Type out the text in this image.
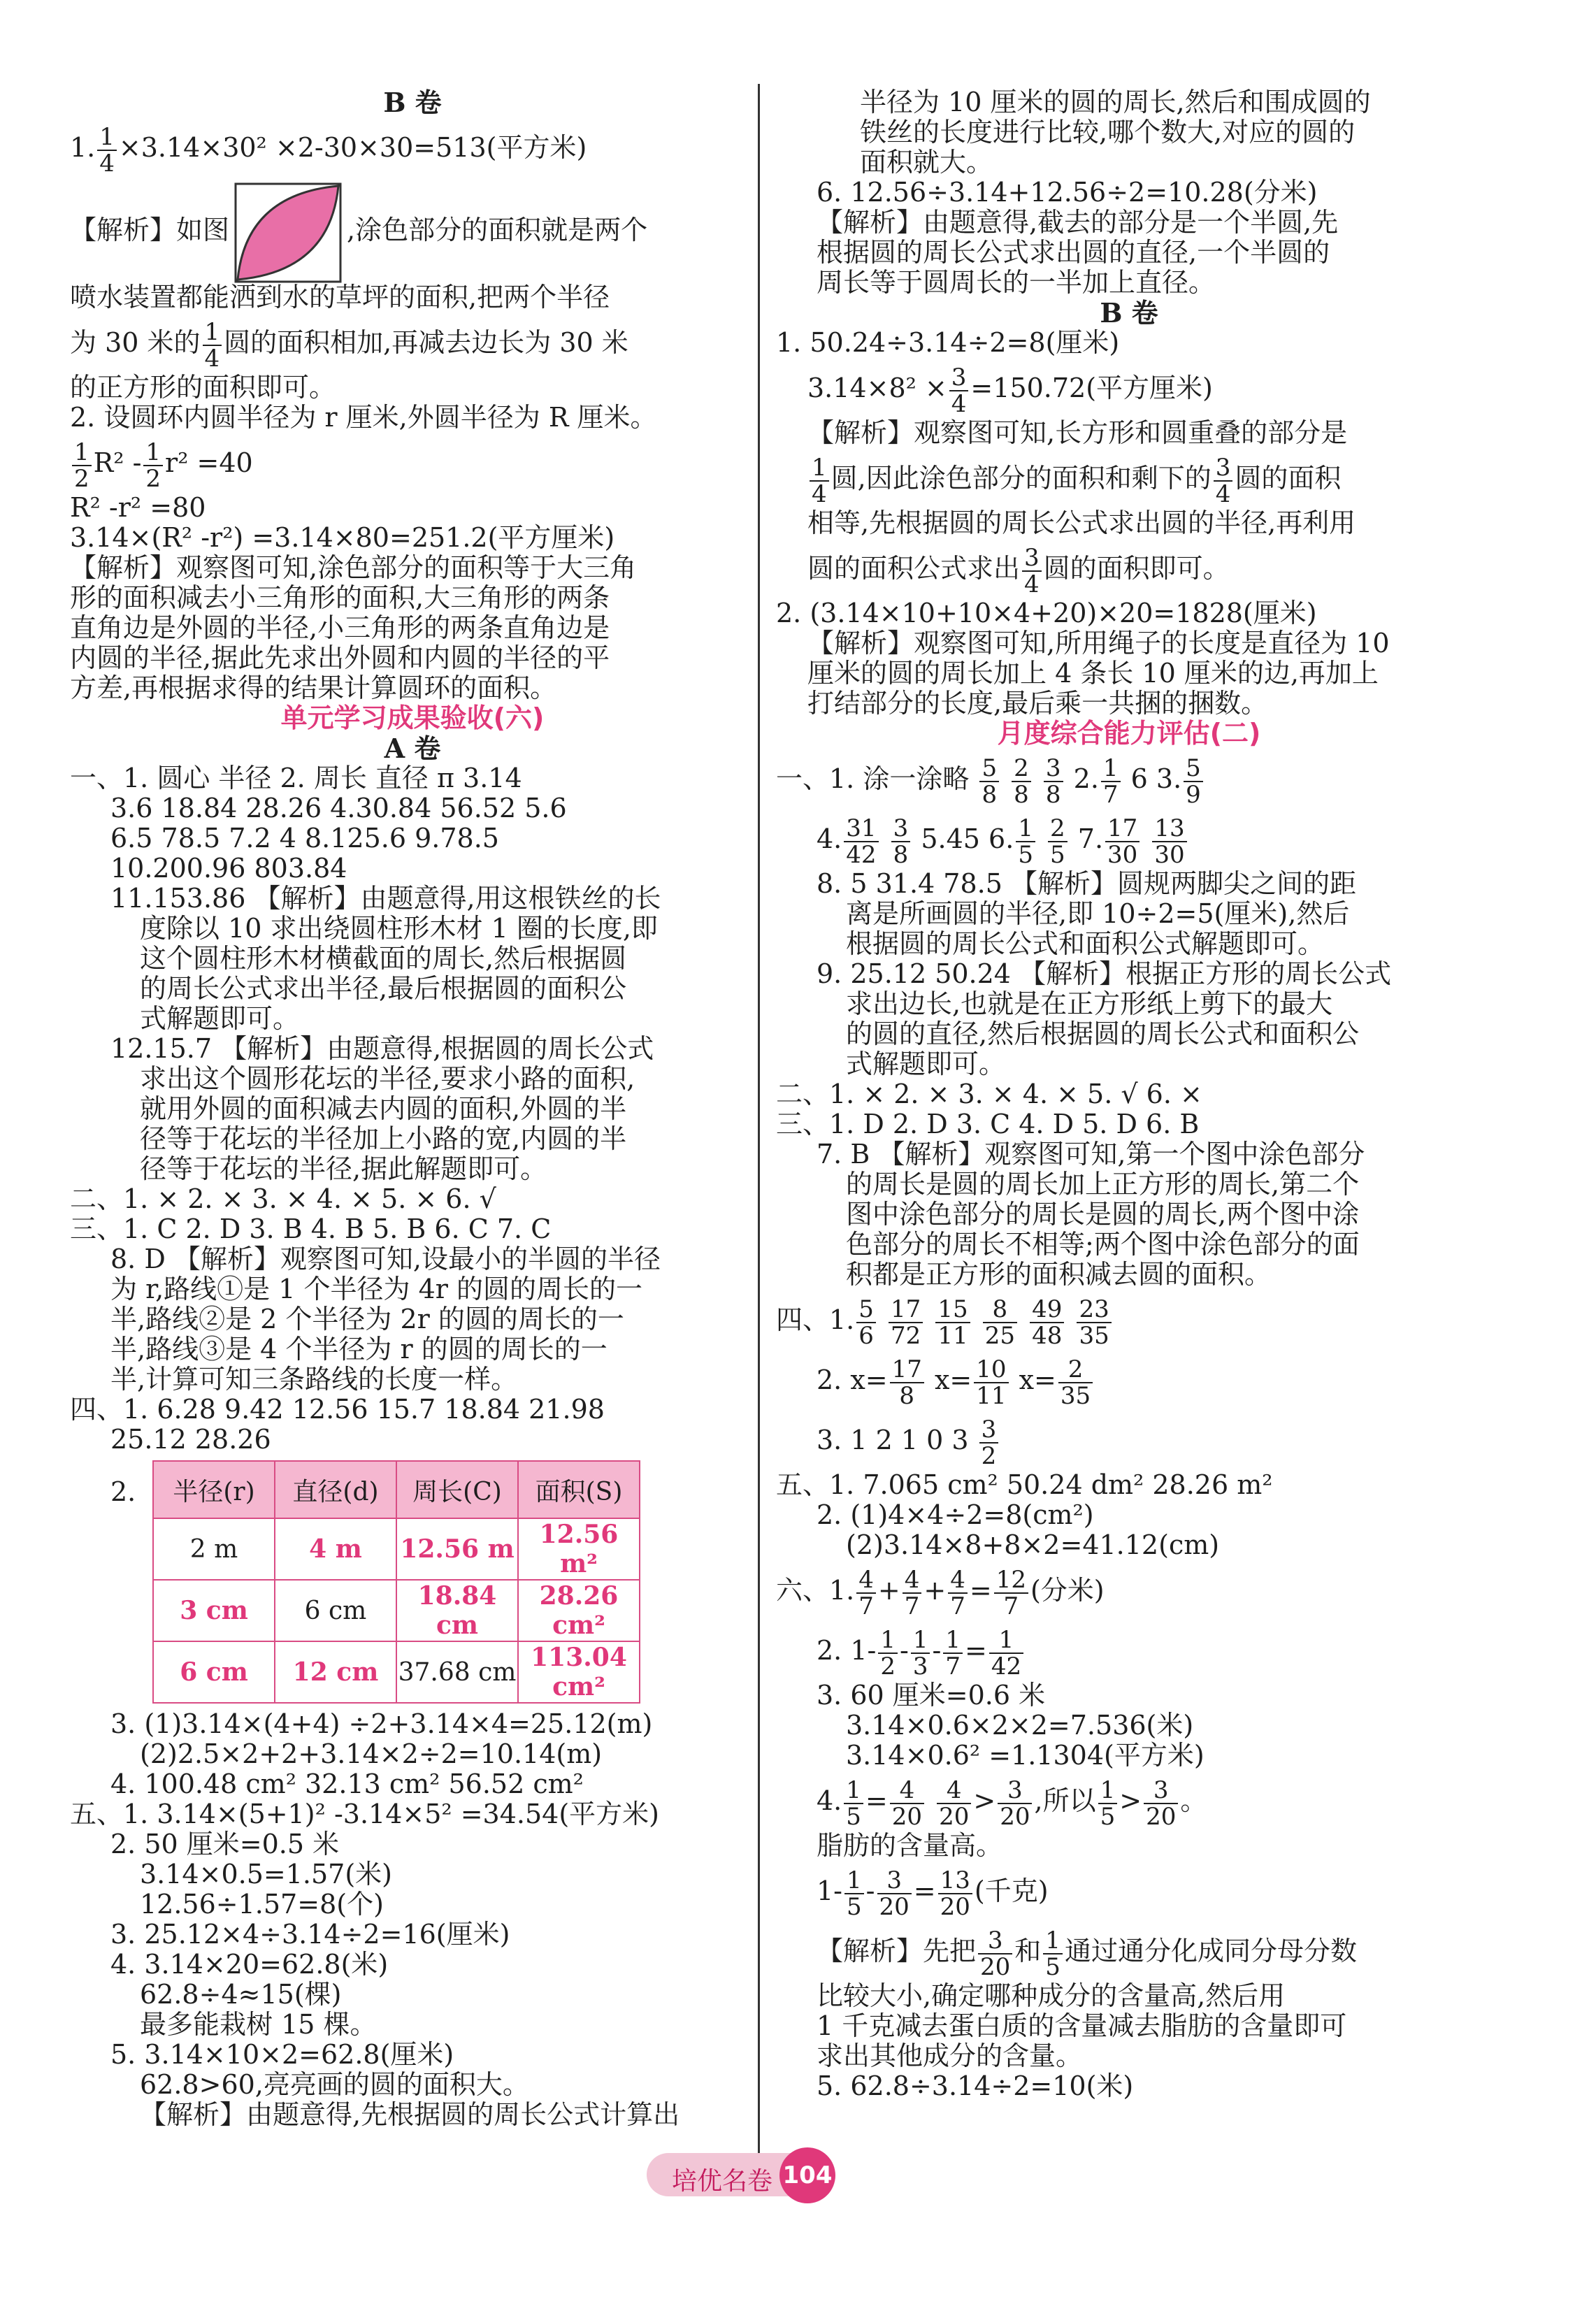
B 卷
1. $\frac{1}{4} \times 3.14\times 30^2 \times 2-30\times 30=513$(平方米)
【解析】如图	,涂色部分的面积就是两个
喷水装置都能洒到水的草坪的面积,把两个半径
为 30 米的 $\frac{1}{4}$ 圆的面积相加,再减去边长为 30 米
的正方形的面积即可。
2. 设圆环内圆半径为 r 厘米,外圆半径为 R 厘米。
$\frac{1}{2} R^2 - \frac{1}{2} r^2 =40$
R² -r² =80
3.14×(R² -r²) =3.14×80=251.2(平方厘米)
【解析】观察图可知,涂色部分的面积等于大三角
形的面积减去小三角形的面积,大三角形的两条
直角边是外圆的半径,小三角形的两条直角边是
内圆的半径,据此先求出外圆和内圆的半径的平
方差,再根据求得的结果计算圆环的面积。
单元学习成果验收(六)
A 卷
一、1. 圆心 半径 2. 周长 直径 π 3.14
3.6 18.84 28.26 4.30.84 56.52 5.6
6.5 78.5 7.2 4 8.125.6 9.78.5
10.200.96 803.84
11.153.86 【解析】由题意得,用这根铁丝的长
度除以 10 求出绕圆柱形木材 1 圈的长度,即
这个圆柱形木材横截面的周长,然后根据圆
的周长公式求出半径,最后根据圆的面积公
式解题即可。
12.15.7 【解析】由题意得,根据圆的周长公式
求出这个圆形花坛的半径,要求小路的面积,
就用外圆的面积减去内圆的面积,外圆的半
径等于花坛的半径加上小路的宽,内圆的半
径等于花坛的半径,据此解题即可。
二、1. × 2. × 3. × 4. × 5. × 6. √
三、1. C 2. D 3. B 4. B 5. B 6. C 7. C
8. D 【解析】观察图可知,设最小的半圆的半径
为 r,路线①是 1 个半径为 4r 的圆的周长的一
半,路线②是 2 个半径为 2r 的圆的周长的一
半,路线③是 4 个半径为 r 的圆的周长的一
半,计算可知三条路线的长度一样。
四、1. 6.28 9.42 12.56 15.7 18.84 21.98
25.12 28.26
2. 半径(r)	直径(d)	周长(C)	面积(S)
2 m	4 m	12.56 m	12.56 m²
3 cm	6 cm	18.84 cm	28.26 cm²
6 cm	12 cm	37.68 cm	113.04 cm²
3. (1)3.14×(4+4) ÷2+3.14×4=25.12(m)
(2)2.5×2+2+3.14×2÷2=10.14(m)
4. 100.48 cm² 32.13 cm² 56.52 cm²
五、1. 3.14×(5+1)² -3.14×5² =34.54(平方米)
2. 50 厘米=0.5 米
3.14×0.5=1.57(米)
12.56÷1.57=8(个)
3. 25.12×4÷3.14÷2=16(厘米)
4. 3.14×20=62.8(米)
62.8÷4≈15(棵)
最多能栽树 15 棵。
5. 3.14×10×2=62.8(厘米)
62.8>60,亮亮画的圆的面积大。
【解析】由题意得,先根据圆的周长公式计算出
半径为 10 厘米的圆的周长,然后和围成圆的
铁丝的长度进行比较,哪个数大,对应的圆的
面积就大。
6. 12.56÷3.14+12.56÷2=10.28(分米)
【解析】由题意得,截去的部分是一个半圆,先
根据圆的周长公式求出圆的直径,一个半圆的
周长等于圆周长的一半加上直径。
B 卷
1. 50.24÷3.14÷2=8(厘米)
$3.14\times 8^2 \times \frac{3}{4} =150.72$(平方厘米)
【解析】观察图可知,长方形和圆重叠的部分是
$\frac{1}{4}$ 圆,因此涂色部分的面积和剩下的 $\frac{3}{4}$ 圆的面积
相等,先根据圆的周长公式求出圆的半径,再利用
圆的面积公式求出 $\frac{3}{4}$ 圆的面积即可。
2. (3.14×10+10×4+20)×20=1828(厘米)
【解析】观察图可知,所用绳子的长度是直径为 10
厘米的圆的周长加上 4 条长 10 厘米的边,再加上
打结部分的长度,最后乘一共捆的捆数。
月度综合能力评估(二)
一、1. 涂一涂略 $\frac{5}{8}$
$\frac{2}{8}$
$\frac{3}{8} 2$. $\frac{1}{7} 6$ 3. $\frac{5}{9}$
4. $\frac{31}{42}$
$\frac{3}{8} 5.45$ 6. $\frac{1}{5}$
$\frac{2}{5} 7$. $\frac{17}{30}$
$\frac{13}{30}$
8. 5 31.4 78.5 【解析】圆规两脚尖之间的距
离是所画圆的半径,即 10÷2=5(厘米),然后
根据圆的周长公式和面积公式解题即可。
9. 25.12 50.24 【解析】根据正方形的周长公式
求出边长,也就是在正方形纸上剪下的最大
的圆的直径,然后根据圆的周长公式和面积公
式解题即可。
二、1. × 2. × 3. × 4. × 5. √ 6. ×
三、1. D 2. D 3. C 4. D 5. D 6. B
7. B 【解析】观察图可知,第一个图中涂色部分
的周长是圆的周长加上正方形的周长,第二个
图中涂色部分的周长是圆的周长,两个图中涂
色部分的周长不相等;两个图中涂色部分的面
积都是正方形的面积减去圆的面积。
四、1. $\frac{5}{6}$
$\frac{17}{72}$
$\frac{15}{11}$
$\frac{8}{25}$
$\frac{49}{48}$
$\frac{23}{35}$
2. $x= \frac{17}{8} x= \frac{10}{11} x= \frac{2}{35}$
3. 1 2 1 0 $3 \frac{3}{2}$
五、1. 7.065 cm² 50.24 dm² 28.26 m²
2. (1)4×4÷2=8(cm²)
(2)3.14×8+8×2=41.12(cm)
六、1. $\frac{4}{7} + \frac{4}{7} + \frac{4}{7} = \frac{12}{7}$ (分米)
2. $1- \frac{1}{2} - \frac{1}{3} - \frac{1}{7} = \frac{1}{42}$
3. 60 厘米=0.6 米
3.14×0.6×2×2=7.536(米)
3.14×0.6² =1.1304(平方米)
4. $\frac{1}{5} = \frac{4}{20}$
$\frac{4}{20} > \frac{3}{20}$ ,所以 $\frac{1}{5} > \frac{3}{20}$ 。
脂肪的含量高。
$1- \frac{1}{5} - \frac{3}{20} = \frac{13}{20}$ (千克)
【解析】先把 $\frac{3}{20}$ 和 $\frac{1}{5}$ 通过通分化成同分母分数
比较大小,确定哪种成分的含量高,然后用
1 千克减去蛋白质的含量减去脂肪的含量即可
求出其他成分的含量。
5. 62.8÷3.14÷2=10(米)
培优名卷 104
